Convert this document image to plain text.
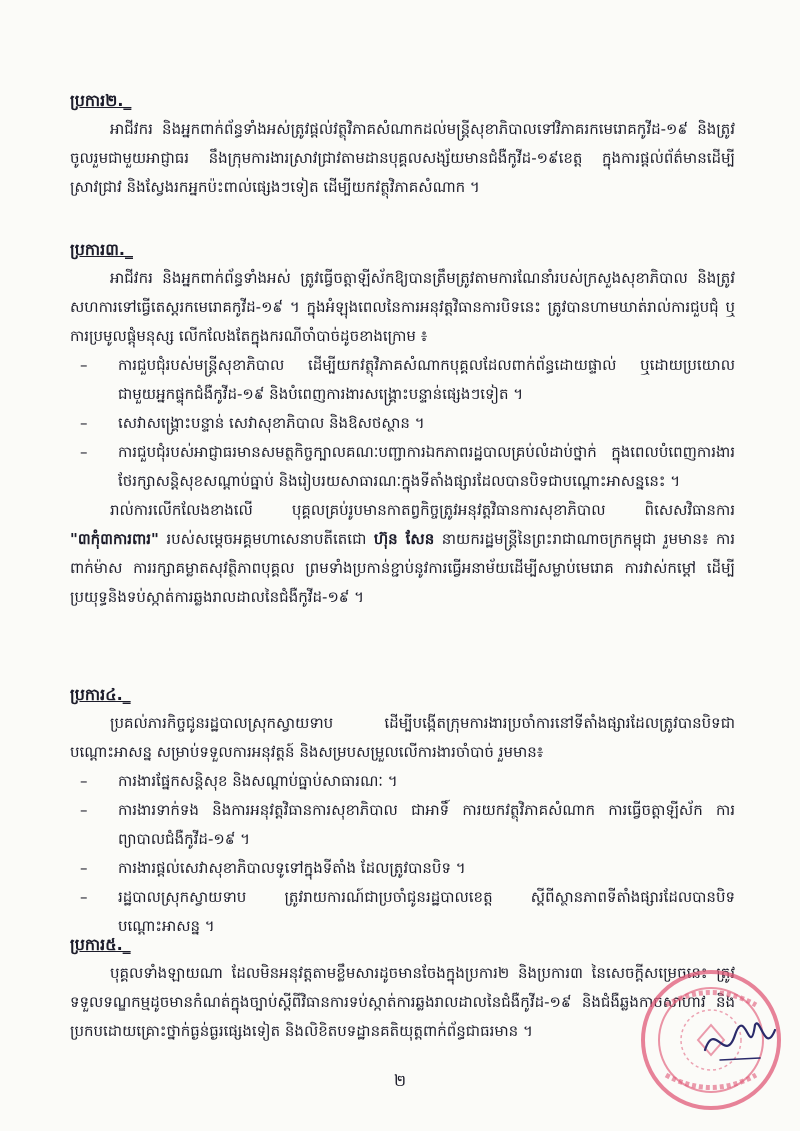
ប្រការ២._
អាជីវករ និងអ្នកពាក់ព័ន្ធទាំងអស់ត្រូវផ្ដល់វត្ថុវិភាគសំណាកដល់មន្ត្រីសុខាភិបាលទៅវិភាគរកមេរោគកូវីដ-១៩ និងត្រូវចូលរួមជាមួយអាជ្ញាធរ នឹងក្រុមការងារស្រាវជ្រាវតាមដានបុគ្គលសង្ស័យមានជំងឺកូវីដ-១៩ខេត្ត ក្នុងការផ្ដល់ព័ត៌មានដើម្បីស្រាវជ្រាវ និងស្វែងរកអ្នកប៉ះពាល់ផ្សេងៗទៀត ដើម្បីយកវត្ថុវិភាគសំណាក ។
ប្រការ៣._
អាជីវករ និងអ្នកពាក់ព័ន្ធទាំងអស់ ត្រូវធ្វើចត្តាឡីស័កឱ្យបានត្រឹមត្រូវតាមការណែនាំរបស់ក្រសួងសុខាភិបាល និងត្រូវសហការទៅធ្វើតេស្ដរកមេរោគកូវីដ-១៩ ។ ក្នុងអំឡុងពេលនៃការអនុវត្តវិធានការបិទនេះ ត្រូវបានហាមឃាត់រាល់ការជួបជុំ ឬការប្រមូលផ្ដុំមនុស្ស លើកលែងតែក្នុងករណីចាំបាច់ដូចខាងក្រោម ៖
– ការជួបជុំរបស់មន្ត្រីសុខាភិបាល ដើម្បីយកវត្ថុវិភាគសំណាកបុគ្គលដែលពាក់ព័ន្ធដោយផ្ទាល់ ឬដោយប្រយោលជាមួយអ្នកផ្ទុកជំងឺកូវីដ-១៩ និងបំពេញការងារសង្គ្រោះបន្ទាន់ផ្សេងៗទៀត ។
– សេវាសង្គ្រោះបន្ទាន់ សេវាសុខាភិបាល និងឱសថស្ថាន ។
– ការជួបជុំរបស់អាជ្ញាធរមានសមត្ថកិច្ចក្បាលគណៈបញ្ជាការឯកភាពរដ្ឋបាលគ្រប់លំដាប់ថ្នាក់ ក្នុងពេលបំពេញការងារថែរក្សាសន្តិសុខសណ្ដាប់ធ្នាប់ និងរៀបរយសាធារណៈក្នុងទីតាំងផ្សារដែលបានបិទជាបណ្ដោះអាសន្ននេះ ។
រាល់ការលើកលែងខាងលើ បុគ្គលគ្រប់រូបមានកាតព្វកិច្ចត្រូវអនុវត្តវិធានការសុខាភិបាល ពិសេសវិធានការ "៣កុំ៣ការពារ" របស់សម្ដេចអគ្គមហាសេនាបតីតេជោ ហ៊ុន សែន នាយករដ្ឋមន្ត្រីនៃព្រះរាជាណាចក្រកម្ពុជា រួមមាន៖ ការពាក់ម៉ាស ការរក្សាគម្លាតសុវត្ថិភាពបុគ្គល ព្រមទាំងប្រកាន់ខ្ជាប់នូវការធ្វើអនាម័យដើម្បីសម្លាប់មេរោគ ការវាស់កម្ដៅ ដើម្បីប្រយុទ្ធនិងទប់ស្កាត់ការឆ្លងរាលដាលនៃជំងឺកូវីដ-១៩ ។
ប្រការ៤._
ប្រគល់ភារកិច្ចជូនរដ្ឋបាលស្រុកស្វាយទាប ដើម្បីបង្កើតក្រុមការងារប្រចាំការនៅទីតាំងផ្សារដែលត្រូវបានបិទជាបណ្ដោះអាសន្ន សម្រាប់ទទួលការអនុវត្តន៍ និងសម្របសម្រួលលើការងារចាំបាច់ រួមមាន៖
– ការងារផ្នែកសន្តិសុខ និងសណ្ដាប់ធ្នាប់សាធារណៈ ។
– ការងារទាក់ទង និងការអនុវត្តវិធានការសុខាភិបាល ជាអាទិ៍ ការយកវត្ថុវិភាគសំណាក ការធ្វើចត្តាឡីស័ក ការព្យាបាលជំងឺកូវីដ-១៩ ។
– ការងារផ្ដល់សេវាសុខាភិបាលទូទៅក្នុងទីតាំង ដែលត្រូវបានបិទ ។
– រដ្ឋបាលស្រុកស្វាយទាប ត្រូវរាយការណ៍ជាប្រចាំជូនរដ្ឋបាលខេត្ត ស្ដីពីស្ថានភាពទីតាំងផ្សារដែលបានបិទបណ្ដោះអាសន្ន ។
ប្រការ៥._
បុគ្គលទាំងឡាយណា ដែលមិនអនុវត្តតាមខ្លឹមសារដូចមានចែងក្នុងប្រការ២ និងប្រការ៣ នៃសេចក្ដីសម្រេចនេះ ត្រូវទទួលទណ្ឌកម្មដូចមានកំណត់ក្នុងច្បាប់ស្ដីពីវិធានការទប់ស្កាត់ការឆ្លងរាលដាលនៃជំងឺកូវីដ-១៩ និងជំងឺឆ្លងកាចសាហាវ និងប្រកបដោយគ្រោះថ្នាក់ធ្ងន់ធ្ងរផ្សេងទៀត និងលិខិតបទដ្ឋានគតិយុត្តពាក់ព័ន្ធជាធរមាន ។
២
